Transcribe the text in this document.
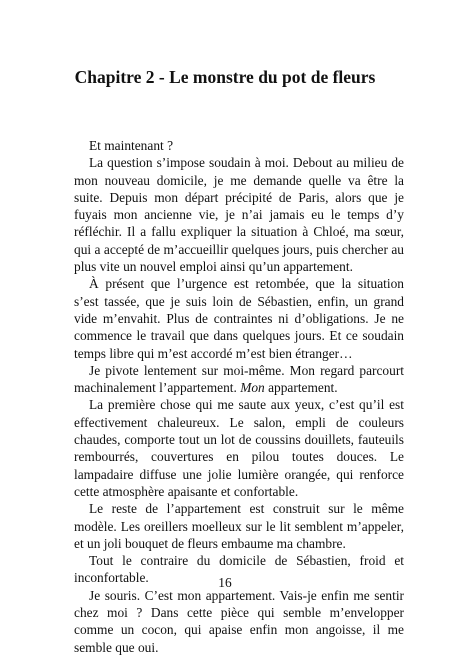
Chapitre 2 - Le monstre du pot de fleurs

Et maintenant ?

La question s’impose soudain à moi. Debout au milieu de mon nouveau domicile, je me demande quelle va être la suite. Depuis mon départ précipité de Paris, alors que je fuyais mon ancienne vie, je n’ai jamais eu le temps d’y réfléchir. Il a fallu expliquer la situation à Chloé, ma sœur, qui a accepté de m’accueillir quelques jours, puis chercher au plus vite un nouvel emploi ainsi qu’un appartement.

À présent que l’urgence est retombée, que la situation s’est tassée, que je suis loin de Sébastien, enfin, un grand vide m’envahit. Plus de contraintes ni d’obligations. Je ne commence le travail que dans quelques jours. Et ce soudain temps libre qui m’est accordé m’est bien étranger…

Je pivote lentement sur moi-même. Mon regard parcourt machinalement l’appartement. Mon appartement.

La première chose qui me saute aux yeux, c’est qu’il est effectivement chaleureux. Le salon, empli de couleurs chaudes, comporte tout un lot de coussins douillets, fauteuils rembourrés, couvertures en pilou toutes douces. Le lampadaire diffuse une jolie lumière orangée, qui renforce cette atmosphère apaisante et confortable.

Le reste de l’appartement est construit sur le même modèle. Les oreillers moelleux sur le lit semblent m’appeler, et un joli bouquet de fleurs embaume ma chambre.

Tout le contraire du domicile de Sébastien, froid et inconfortable.

Je souris. C’est mon appartement. Vais-je enfin me sentir chez moi ? Dans cette pièce qui semble m’envelopper comme un cocon, qui apaise enfin mon angoisse, il me semble que oui.

16
